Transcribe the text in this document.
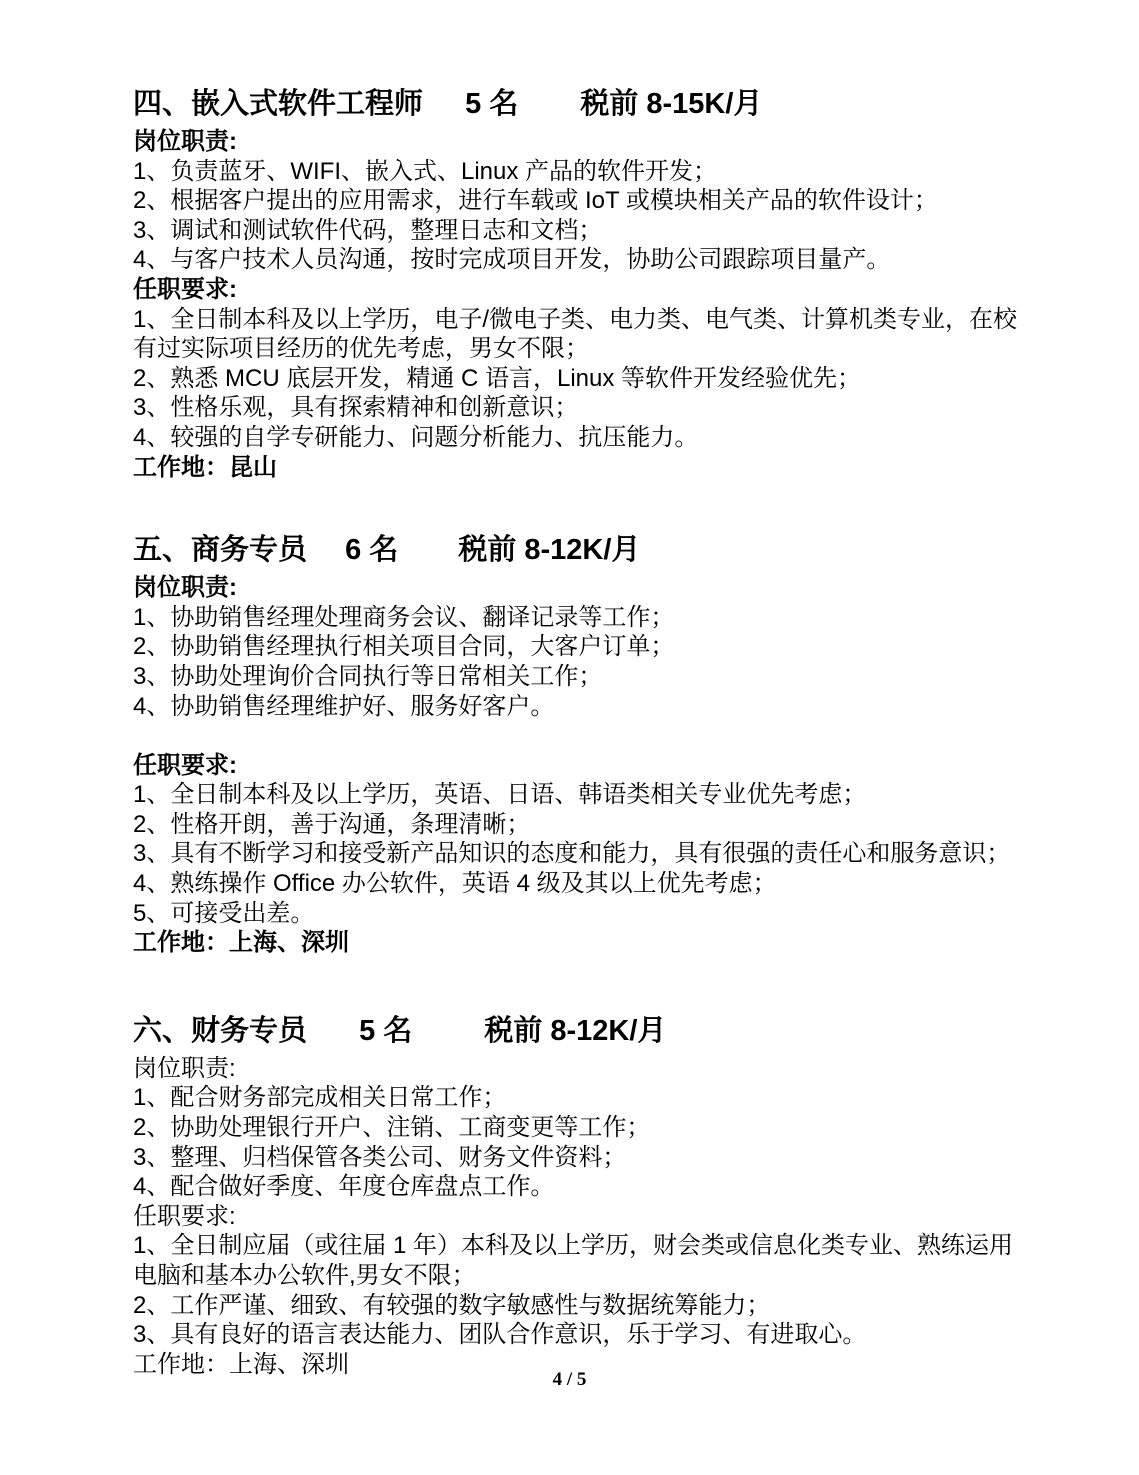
四、嵌入式软件工程师 5 名 税前 8-15K/月
岗位职责:
1、负责蓝牙、WIFI、嵌入式、Linux 产品的软件开发；
2、根据客户提出的应用需求，进行车载或 IoT 或模块相关产品的软件设计；
3、调试和测试软件代码，整理日志和文档；
4、与客户技术人员沟通，按时完成项目开发，协助公司跟踪项目量产。
任职要求:
1、全日制本科及以上学历，电子/微电子类、电力类、电气类、计算机类专业，在校有过实际项目经历的优先考虑，男女不限；
2、熟悉 MCU 底层开发，精通 C 语言，Linux 等软件开发经验优先；
3、性格乐观，具有探索精神和创新意识；
4、较强的自学专研能力、问题分析能力、抗压能力。
工作地：昆山
五、商务专员 6 名 税前 8-12K/月
岗位职责:
1、协助销售经理处理商务会议、翻译记录等工作；
2、协助销售经理执行相关项目合同，大客户订单；
3、协助处理询价合同执行等日常相关工作；
4、协助销售经理维护好、服务好客户。
任职要求:
1、全日制本科及以上学历，英语、日语、韩语类相关专业优先考虑；
2、性格开朗，善于沟通，条理清晰；
3、具有不断学习和接受新产品知识的态度和能力，具有很强的责任心和服务意识；
4、熟练操作 Office 办公软件，英语 4 级及其以上优先考虑；
5、可接受出差。
工作地：上海、深圳
六、财务专员 5 名 税前 8-12K/月
岗位职责:
1、配合财务部完成相关日常工作；
2、协助处理银行开户、注销、工商变更等工作；
3、整理、归档保管各类公司、财务文件资料；
4、配合做好季度、年度仓库盘点工作。
任职要求:
1、全日制应届（或往届 1 年）本科及以上学历，财会类或信息化类专业、熟练运用电脑和基本办公软件,男女不限；
2、工作严谨、细致、有较强的数字敏感性与数据统筹能力；
3、具有良好的语言表达能力、团队合作意识，乐于学习、有进取心。
工作地：上海、深圳
4 / 5
